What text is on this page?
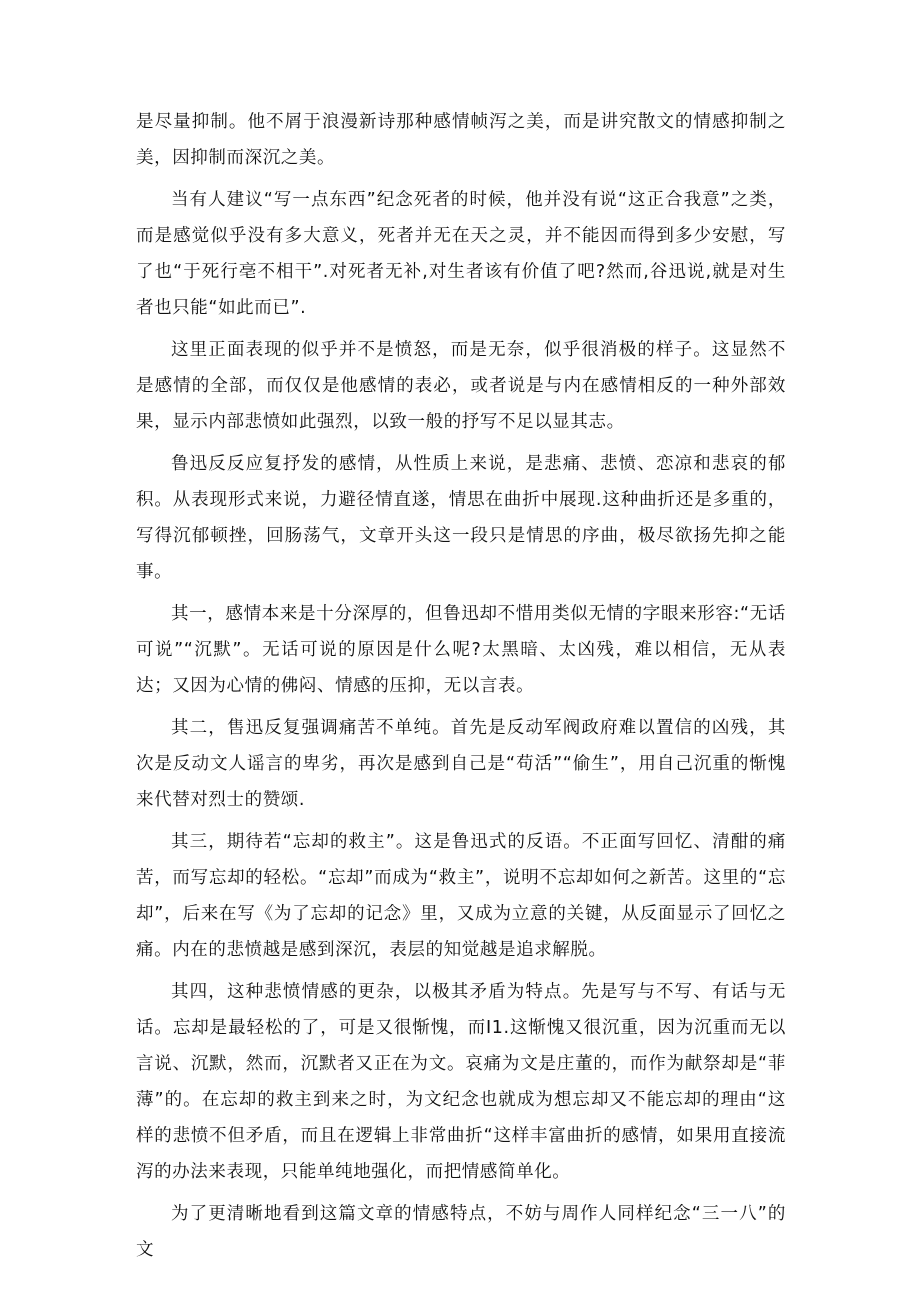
是尽量抑制。他不屑于浪漫新诗那种感情帧泻之美，而是讲究散文的情感抑制之美，因抑制而深沉之美。

当有人建议“写一点东西”纪念死者的时候，他并没有说“这正合我意”之类，而是感觉似乎没有多大意义，死者并无在天之灵，并不能因而得到多少安慰，写了也“于死行亳不相干”.对死者无补,对生者该有价值了吧?然而,谷迅说,就是对生者也只能“如此而已”.

这里正面表现的似乎并不是愤怒，而是无奈，似乎很消极的样子。这显然不是感情的全部，而仅仅是他感情的表必，或者说是与内在感情相反的一种外部效果，显示内部悲愤如此强烈，以致一般的抒写不足以显其志。

鲁迅反反应复抒发的感情，从性质上来说，是悲痛、悲愤、恋凉和悲哀的郁积。从表现形式来说，力避径情直遂，情思在曲折中展现.这种曲折还是多重的，写得沉郁顿挫，回肠荡气，文章开头这一段只是情思的序曲，极尽欲扬先抑之能事。

其一，感情本来是十分深厚的，但鲁迅却不惜用类似无情的字眼来形容:“无话可说”“沉默”。无话可说的原因是什么呢?太黑暗、太凶残，难以相信，无从表达；又因为心情的佛闷、情感的压抑，无以言表。

其二，售迅反复强调痛苦不单纯。首先是反动军阀政府难以置信的凶残，其次是反动文人谣言的卑劣，再次是感到自己是“苟活”“偷生”，用自己沉重的惭愧来代替对烈士的赞颂.

其三，期待若“忘却的救主”。这是鲁迅式的反语。不正面写回忆、清酣的痛苦，而写忘却的轻松。“忘却”而成为“救主”，说明不忘却如何之新苦。这里的“忘却”，后来在写《为了忘却的记念》里，又成为立意的关键，从反面显示了回忆之痛。内在的悲愤越是感到深沉，表层的知觉越是追求解脱。

其四，这种悲愤情感的更杂，以极其矛盾为特点。先是写与不写、有话与无话。忘却是最轻松的了，可是又很惭愧，而I1.这惭愧又很沉重，因为沉重而无以言说、沉默，然而，沉默者又正在为文。哀痛为文是庄董的，而作为献祭却是“菲薄”的。在忘却的救主到来之时，为文纪念也就成为想忘却又不能忘却的理由“这样的悲愤不但矛盾，而且在逻辑上非常曲折“这样丰富曲折的感情，如果用直接流泻的办法来表现，只能单纯地强化，而把情感简单化。

为了更清晰地看到这篇文章的情感特点，不妨与周作人同样纪念“三一八”的文
